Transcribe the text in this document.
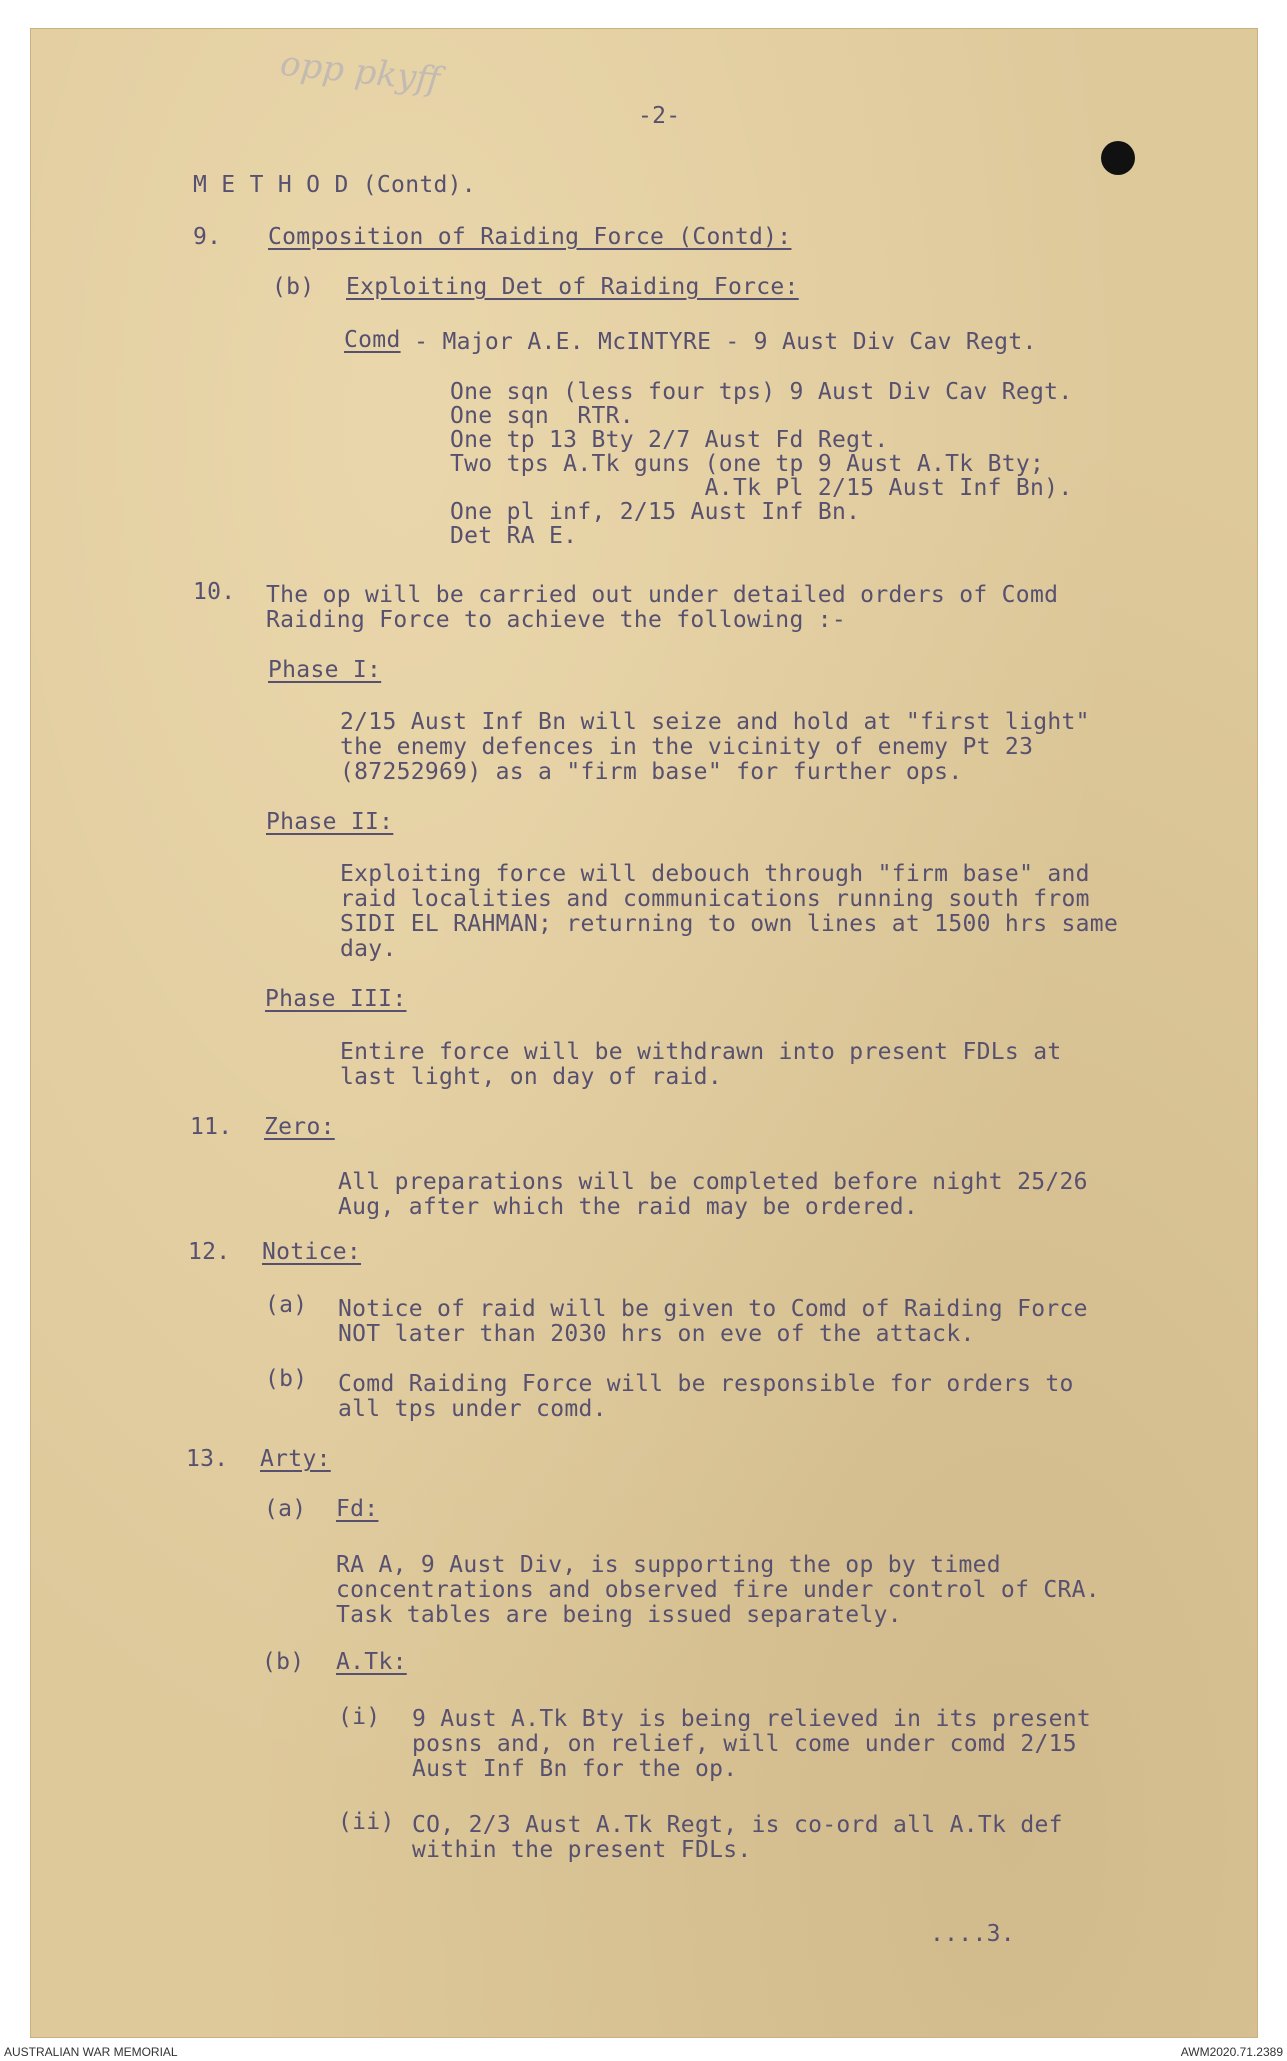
opp pkyff
-2-
M E T H O D (Contd).
9. Composition of Raiding Force (Contd):
(b) Exploiting Det of Raiding Force:
Comd - Major A.E. McINTYRE - 9 Aust Div Cav Regt.
One sqn (less four tps) 9 Aust Div Cav Regt.
One sqn  RTR.
One tp 13 Bty 2/7 Aust Fd Regt.
Two tps A.Tk guns (one tp 9 Aust A.Tk Bty;
A.Tk Pl 2/15 Aust Inf Bn).
One pl inf, 2/15 Aust Inf Bn.
Det RA E.
10. The op will be carried out under detailed orders of Comd
Raiding Force to achieve the following :-
Phase I:
2/15 Aust Inf Bn will seize and hold at "first light"
the enemy defences in the vicinity of enemy Pt 23
(87252969) as a "firm base" for further ops.
Phase II:
Exploiting force will debouch through "firm base" and
raid localities and communications running south from
SIDI EL RAHMAN; returning to own lines at 1500 hrs same
day.
Phase III:
Entire force will be withdrawn into present FDLs at
last light, on day of raid.
11. Zero:
All preparations will be completed before night 25/26
Aug, after which the raid may be ordered.
12. Notice:
(a) Notice of raid will be given to Comd of Raiding Force
NOT later than 2030 hrs on eve of the attack.
(b) Comd Raiding Force will be responsible for orders to
all tps under comd.
13. Arty:
(a) Fd:
RA A, 9 Aust Div, is supporting the op by timed
concentrations and observed fire under control of CRA.
Task tables are being issued separately.
(b) A.Tk:
(i) 9 Aust A.Tk Bty is being relieved in its present
posns and, on relief, will come under comd 2/15
Aust Inf Bn for the op.
(ii) CO, 2/3 Aust A.Tk Regt, is co-ord all A.Tk def
within the present FDLs.
....3.
AUSTRALIAN WAR MEMORIAL	AWM2020.71.2389
